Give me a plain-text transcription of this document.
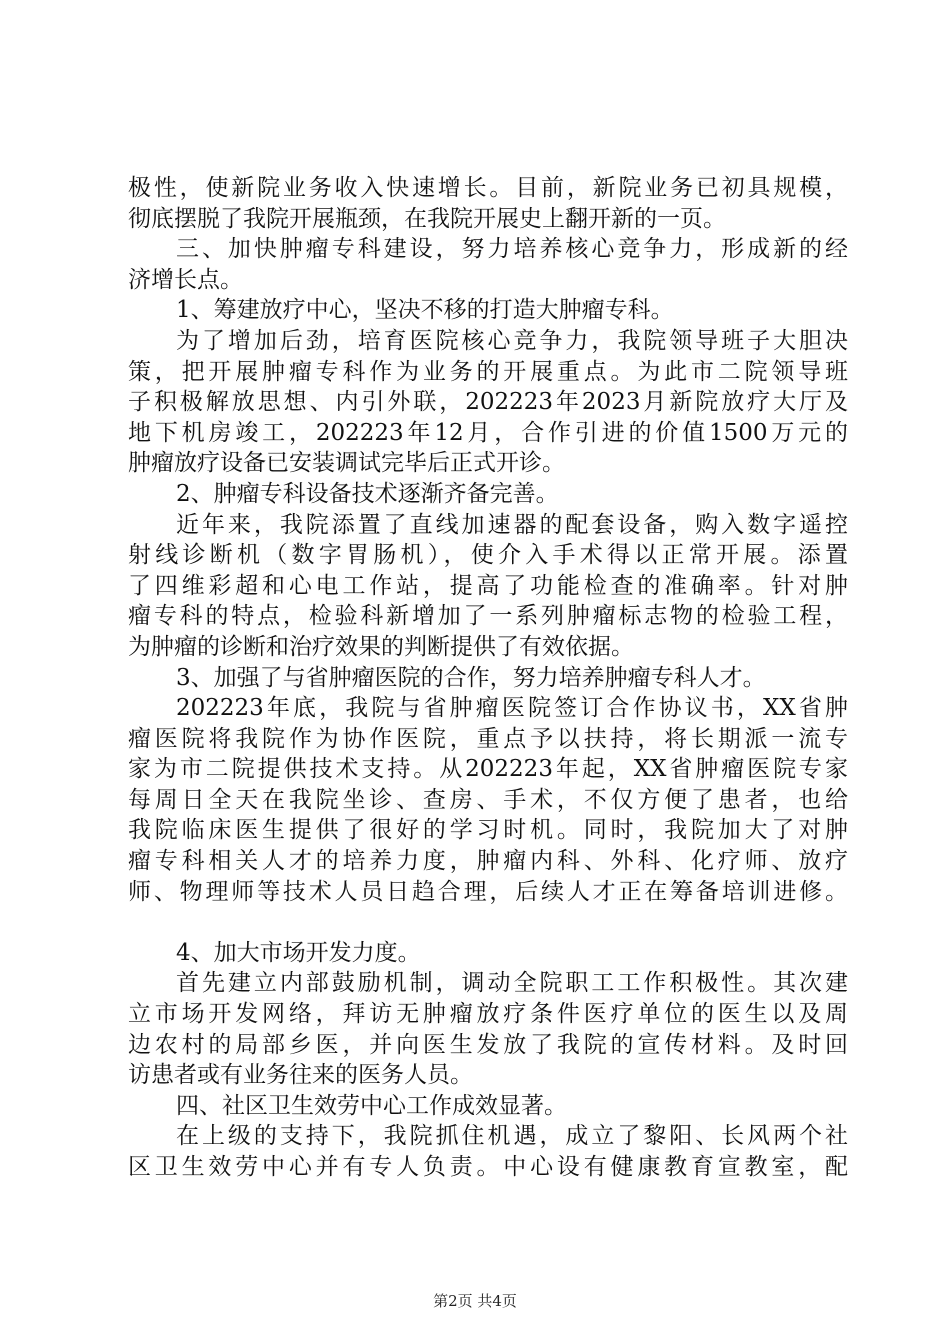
极性，使新院业务收入快速增长。目前，新院业务已初具规模，
彻底摆脱了我院开展瓶颈，在我院开展史上翻开新的一页。
三、加快肿瘤专科建设，努力培养核心竞争力，形成新的经
济增长点。
1、筹建放疗中心，坚决不移的打造大肿瘤专科。
为了增加后劲，培育医院核心竞争力，我院领导班子大胆决
策，把开展肿瘤专科作为业务的开展重点。为此市二院领导班
子积极解放思想、内引外联，202223年2023月新院放疗大厅及
地下机房竣工，202223年12月，合作引进的价值1500万元的
肿瘤放疗设备已安装调试完毕后正式开诊。
2、肿瘤专科设备技术逐渐齐备完善。
近年来，我院添置了直线加速器的配套设备，购入数字遥控
射线诊断机（数字胃肠机），使介入手术得以正常开展。添置
了四维彩超和心电工作站，提高了功能检查的准确率。针对肿
瘤专科的特点，检验科新增加了一系列肿瘤标志物的检验工程，
为肿瘤的诊断和治疗效果的判断提供了有效依据。
3、加强了与省肿瘤医院的合作，努力培养肿瘤专科人才。
202223年底，我院与省肿瘤医院签订合作协议书，XX省肿
瘤医院将我院作为协作医院，重点予以扶持，将长期派一流专
家为市二院提供技术支持。从202223年起，XX省肿瘤医院专家
每周日全天在我院坐诊、查房、手术，不仅方便了患者，也给
我院临床医生提供了很好的学习时机。同时，我院加大了对肿
瘤专科相关人才的培养力度，肿瘤内科、外科、化疗师、放疗
师、物理师等技术人员日趋合理，后续人才正在筹备培训进修。
4、加大市场开发力度。
首先建立内部鼓励机制，调动全院职工工作积极性。其次建
立市场开发网络，拜访无肿瘤放疗条件医疗单位的医生以及周
边农村的局部乡医，并向医生发放了我院的宣传材料。及时回
访患者或有业务往来的医务人员。
四、社区卫生效劳中心工作成效显著。
在上级的支持下，我院抓住机遇，成立了黎阳、长风两个社
区卫生效劳中心并有专人负责。中心设有健康教育宣教室，配
第2页 共4页
